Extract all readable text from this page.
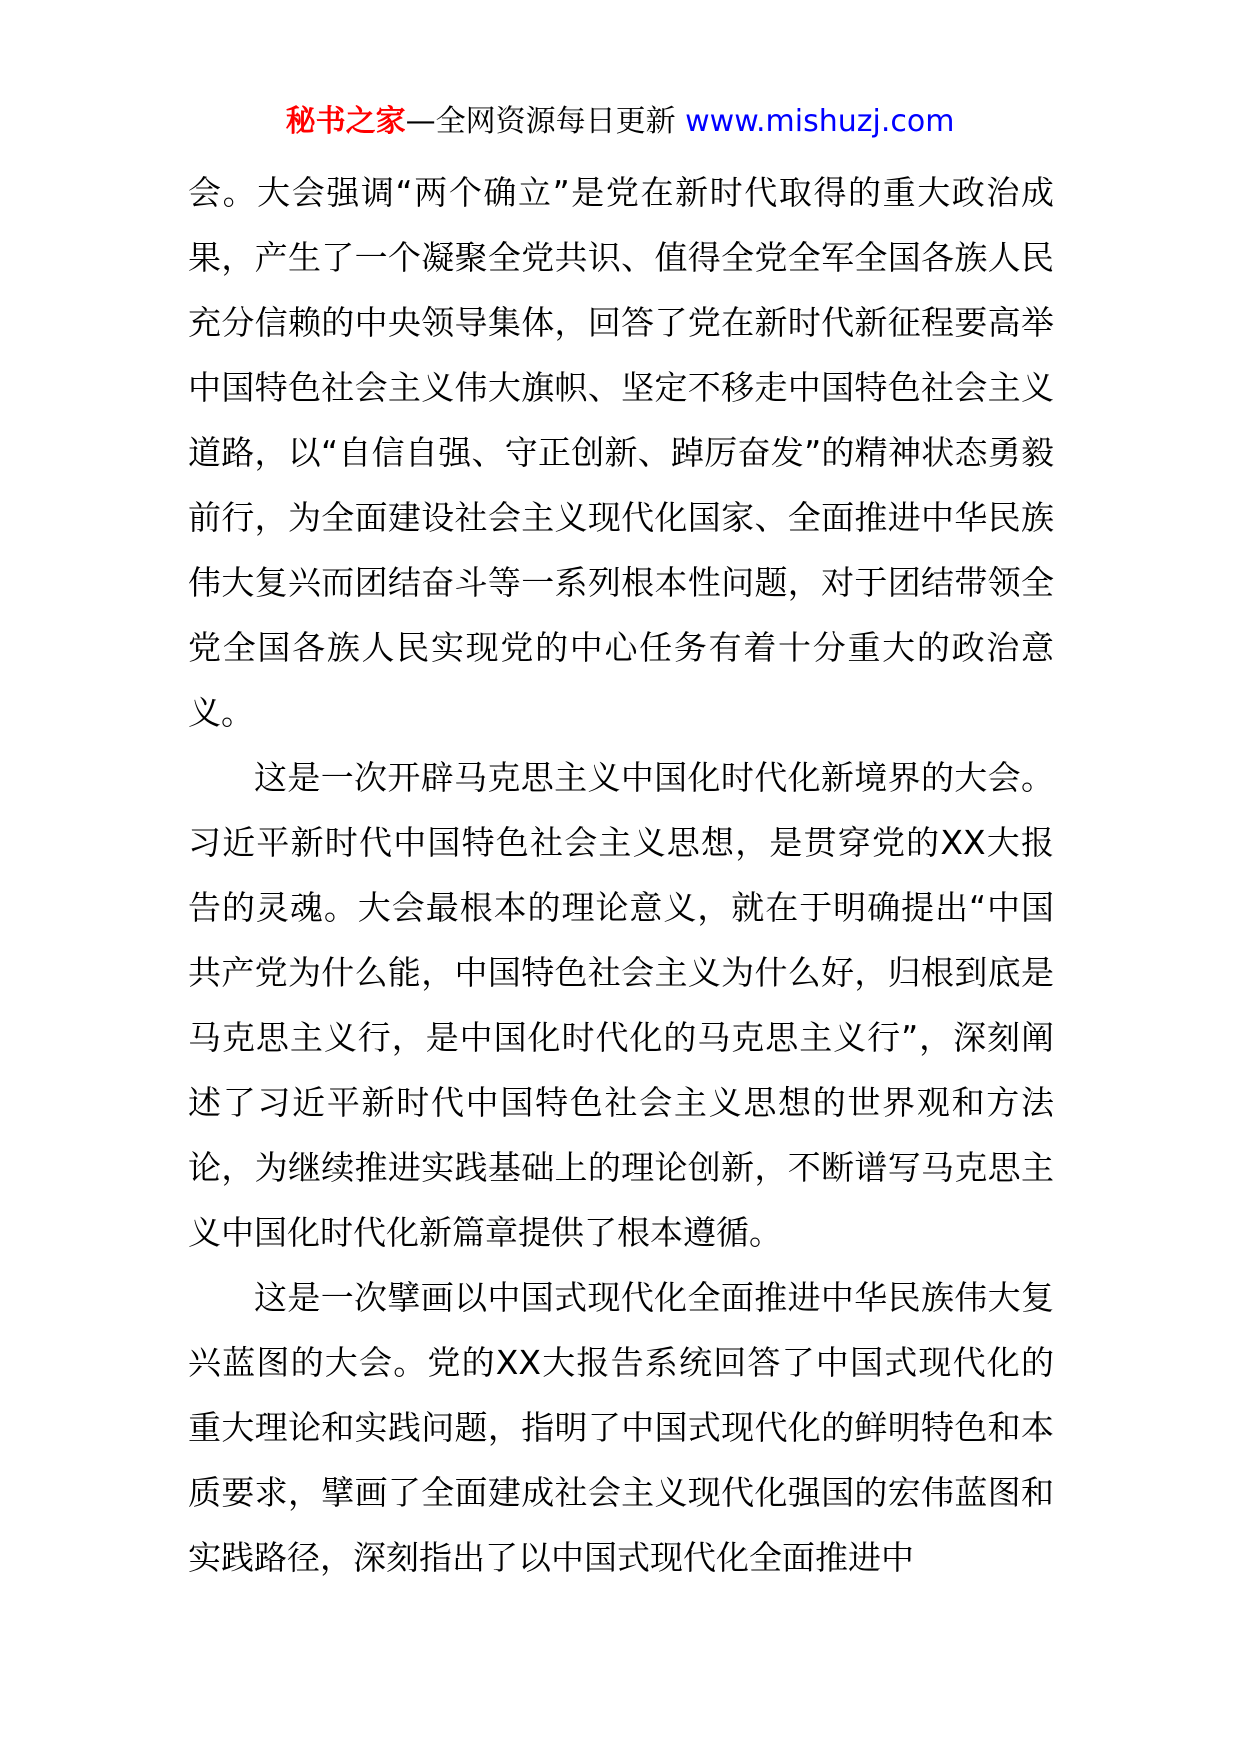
秘书之家—全网资源每日更新 www.mishuzj.com

会。大会强调“两个确立”是党在新时代取得的重大政治成果，产生了一个凝聚全党共识、值得全党全军全国各族人民充分信赖的中央领导集体，回答了党在新时代新征程要高举中国特色社会主义伟大旗帜、坚定不移走中国特色社会主义道路，以“自信自强、守正创新、踔厉奋发”的精神状态勇毅前行，为全面建设社会主义现代化国家、全面推进中华民族伟大复兴而团结奋斗等一系列根本性问题，对于团结带领全党全国各族人民实现党的中心任务有着十分重大的政治意义。

这是一次开辟马克思主义中国化时代化新境界的大会。习近平新时代中国特色社会主义思想，是贯穿党的XX大报告的灵魂。大会最根本的理论意义，就在于明确提出“中国共产党为什么能，中国特色社会主义为什么好，归根到底是马克思主义行，是中国化时代化的马克思主义行”，深刻阐述了习近平新时代中国特色社会主义思想的世界观和方法论，为继续推进实践基础上的理论创新，不断谱写马克思主义中国化时代化新篇章提供了根本遵循。

这是一次擘画以中国式现代化全面推进中华民族伟大复兴蓝图的大会。党的XX大报告系统回答了中国式现代化的重大理论和实践问题，指明了中国式现代化的鲜明特色和本质要求，擘画了全面建成社会主义现代化强国的宏伟蓝图和实践路径，深刻指出了以中国式现代化全面推进中
